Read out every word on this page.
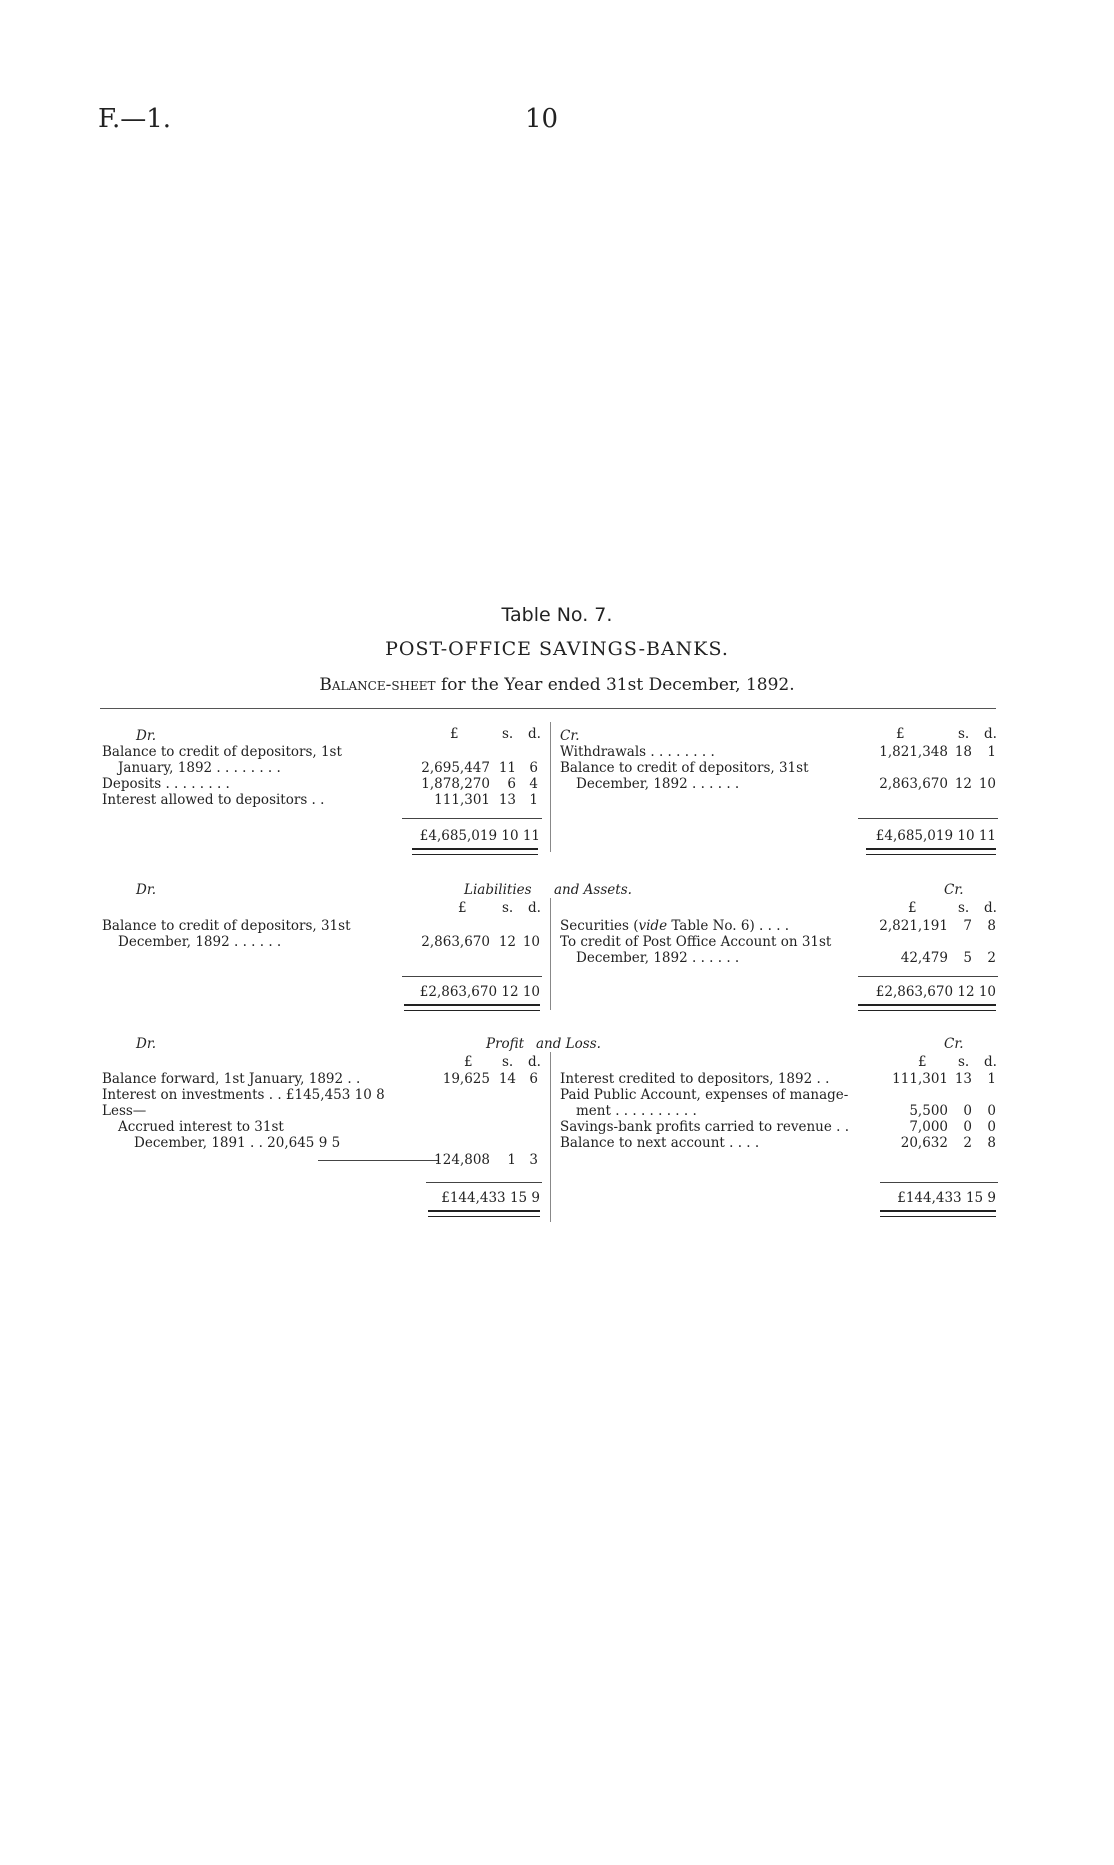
F.—1.	10
Table No. 7.
POST-OFFICE SAVINGS-BANKS.
Balance-sheet for the Year ended 31st December, 1892.
Dr.	£	s. d.
Balance to credit of depositors, 1st
January, 1892 . . . . . . . .	2,695,447 11 6
Deposits . . . . . . . .	1,878,270	6 4
Interest allowed to depositors . .	111,301 13 1
£4,685,019 10 11
Cr.	£	s. d.
Withdrawals . . . . . . . .	1,821,348 18	1
Balance to credit of depositors, 31st
December, 1892 . . . . . .	2,863,670 12 10
£4,685,019 10 11
Dr.	Liabilities and Assets.	Cr.
£	s. d.	£	s. d.
Balance to credit of depositors, 31st
December, 1892 . . . . . .	2,863,670 12 10
Securities (vide Table No. 6) . . . .	2,821,191	7	8
To credit of Post Office Account on 31st
December, 1892 . . . . . .	42,479	5	2
£2,863,670 12 10	£2,863,670 12 10
Dr.	Profit and Loss.	Cr.
£ s. d.	£ s. d.
Balance forward, 1st January, 1892 . .	19,625 14 6
Interest on investments . . £145,453 10 8
Less—
Accrued interest to 31st
December, 1891 . . 20,645 9 5
124,808	1 3
£144,433 15 9
Interest credited to depositors, 1892 . .	111,301 13	1
Paid Public Account, expenses of manage-
ment . . . . . . . . . .	5,500	0	0
Savings-bank profits carried to revenue . .	7,000	0	0
Balance to next account . . . .	20,632	2	8
£144,433 15 9
